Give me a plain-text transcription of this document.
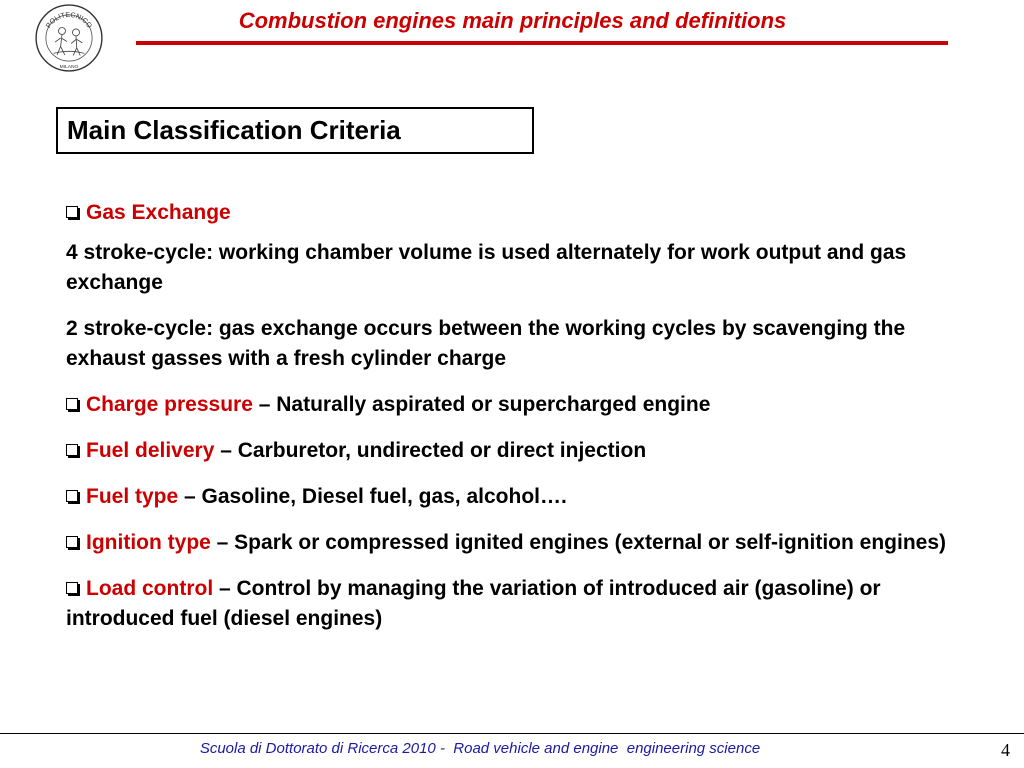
POLITECNICO
MILANO
Combustion engines main principles and definitions
Main Classification Criteria

Gas Exchange

4 stroke-cycle: working chamber volume is used alternately for work output and gas exchange

2 stroke-cycle: gas exchange occurs between the working cycles by scavenging the exhaust gasses with a fresh cylinder charge

Charge pressure – Naturally aspirated or supercharged engine

Fuel delivery – Carburetor, undirected or direct injection

Fuel type – Gasoline, Diesel fuel, gas, alcohol….

Ignition type – Spark or compressed ignited engines (external or self-ignition engines)

Load control – Control by managing the variation of introduced air (gasoline) or introduced fuel (diesel engines)

Scuola di Dottorato di Ricerca 2010 -  Road vehicle and engine  engineering science	4
